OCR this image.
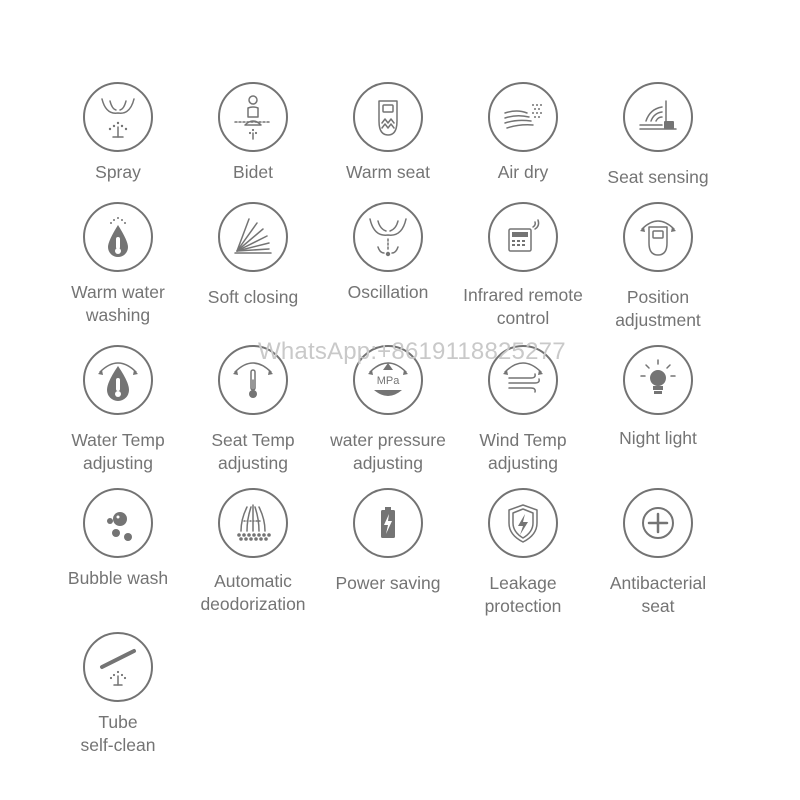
Spray	Bidet	Warm seat	Air dry	Seat sensing
Warm water
washing
Soft closing	Oscillation Infrared remote
control
Position
adjustment
Water Temp
adjusting
Seat Temp
adjusting
MPa
water pressure
adjusting
Wind Temp
adjusting
Night light
Bubble wash	Automatic
deodorization
Power saving	Leakage
protection
Antibacterial
seat
Tube
self-clean
WhatsApp:+8619118825277
